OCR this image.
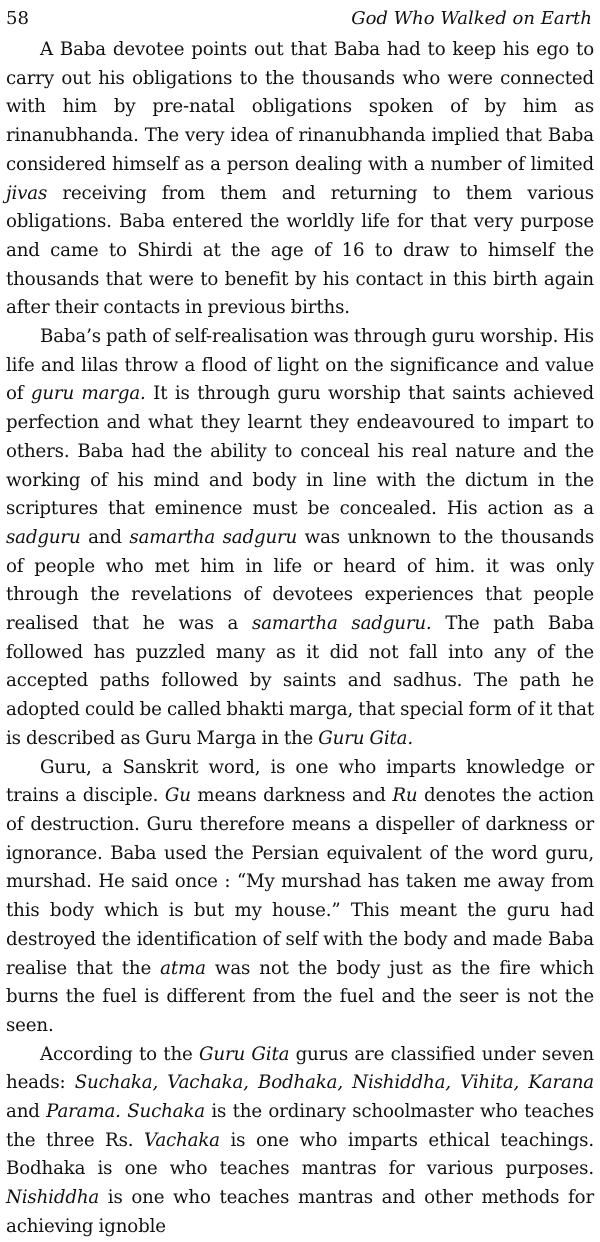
58	God Who Walked on Earth

A Baba devotee points out that Baba had to keep his ego to carry out his obligations to the thousands who were connected with him by pre-natal obligations spoken of by him as rinanubhanda. The very idea of rinanubhanda implied that Baba considered himself as a person dealing with a number of limited jivas receiving from them and returning to them various obligations. Baba entered the worldly life for that very purpose and came to Shirdi at the age of 16 to draw to himself the thousands that were to benefit by his contact in this birth again after their contacts in previous births.

Baba’s path of self-realisation was through guru worship. His life and lilas throw a flood of light on the significance and value of guru marga. It is through guru worship that saints achieved perfection and what they learnt they endeavoured to impart to others. Baba had the ability to conceal his real nature and the working of his mind and body in line with the dictum in the scriptures that eminence must be concealed. His action as a sadguru and samartha sadguru was unknown to the thousands of people who met him in life or heard of him. it was only through the revelations of devotees experiences that people realised that he was a samartha sadguru. The path Baba followed has puzzled many as it did not fall into any of the accepted paths followed by saints and sadhus. The path he adopted could be called bhakti marga, that special form of it that is described as Guru Marga in the Guru Gita.

Guru, a Sanskrit word, is one who imparts knowledge or trains a disciple. Gu means darkness and Ru denotes the action of destruction. Guru therefore means a dispeller of darkness or ignorance. Baba used the Persian equivalent of the word guru, murshad. He said once : “My murshad has taken me away from this body which is but my house.” This meant the guru had destroyed the identification of self with the body and made Baba realise that the atma was not the body just as the fire which burns the fuel is different from the fuel and the seer is not the seen.

According to the Guru Gita gurus are classified under seven heads: Suchaka, Vachaka, Bodhaka, Nishiddha, Vihita, Karana and Parama. Suchaka is the ordinary schoolmaster who teaches the three Rs. Vachaka is one who imparts ethical teachings. Bodhaka is one who teaches mantras for various purposes. Nishiddha is one who teaches mantras and other methods for achieving ignoble
